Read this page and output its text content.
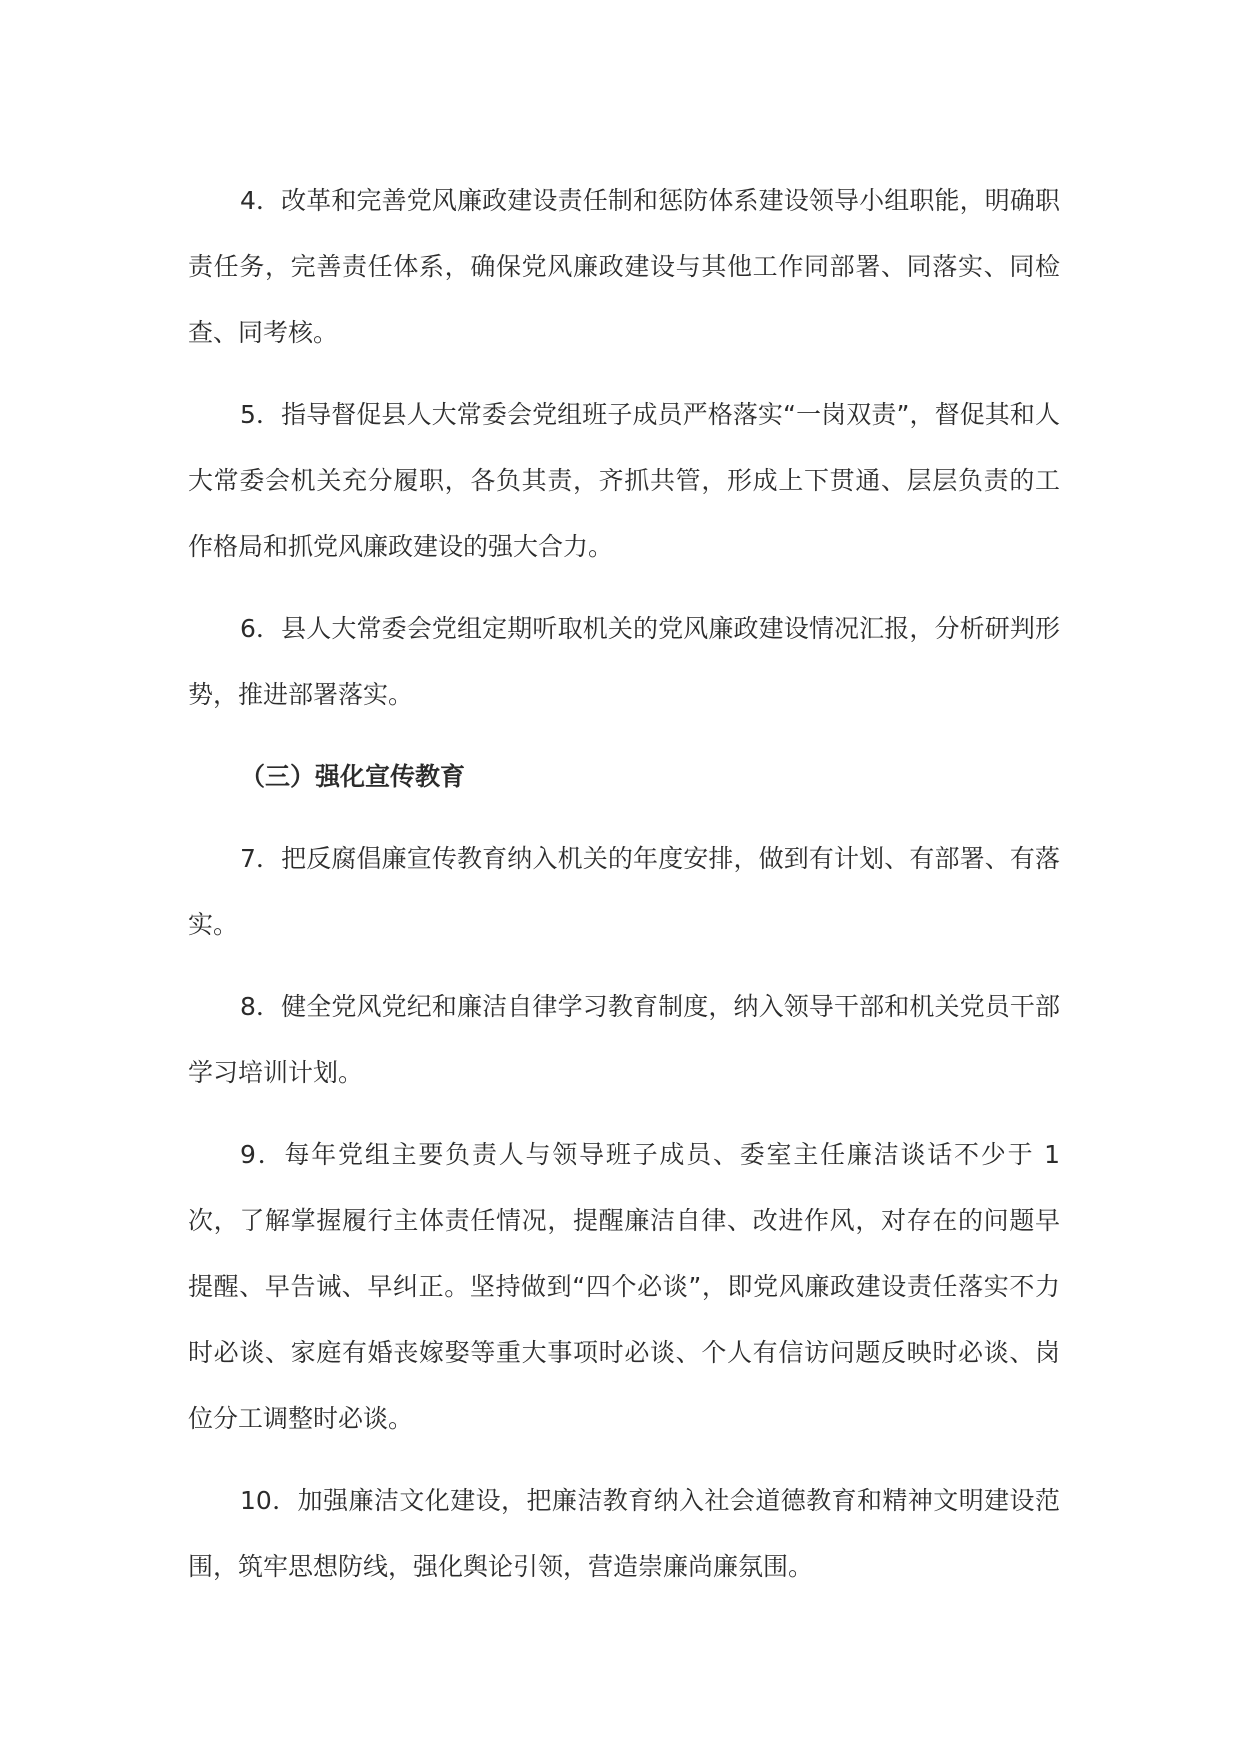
4．改革和完善党风廉政建设责任制和惩防体系建设领导小组职能，明确职责任务，完善责任体系，确保党风廉政建设与其他工作同部署、同落实、同检查、同考核。

5．指导督促县人大常委会党组班子成员严格落实“一岗双责”，督促其和人大常委会机关充分履职，各负其责，齐抓共管，形成上下贯通、层层负责的工作格局和抓党风廉政建设的强大合力。

6．县人大常委会党组定期听取机关的党风廉政建设情况汇报，分析研判形势，推进部署落实。

（三）强化宣传教育

7．把反腐倡廉宣传教育纳入机关的年度安排，做到有计划、有部署、有落实。

8．健全党风党纪和廉洁自律学习教育制度，纳入领导干部和机关党员干部学习培训计划。

9．每年党组主要负责人与领导班子成员、委室主任廉洁谈话不少于 1 次，了解掌握履行主体责任情况，提醒廉洁自律、改进作风，对存在的问题早提醒、早告诫、早纠正。坚持做到“四个必谈”，即党风廉政建设责任落实不力时必谈、家庭有婚丧嫁娶等重大事项时必谈、个人有信访问题反映时必谈、岗位分工调整时必谈。

10．加强廉洁文化建设，把廉洁教育纳入社会道德教育和精神文明建设范围，筑牢思想防线，强化舆论引领，营造崇廉尚廉氛围。
